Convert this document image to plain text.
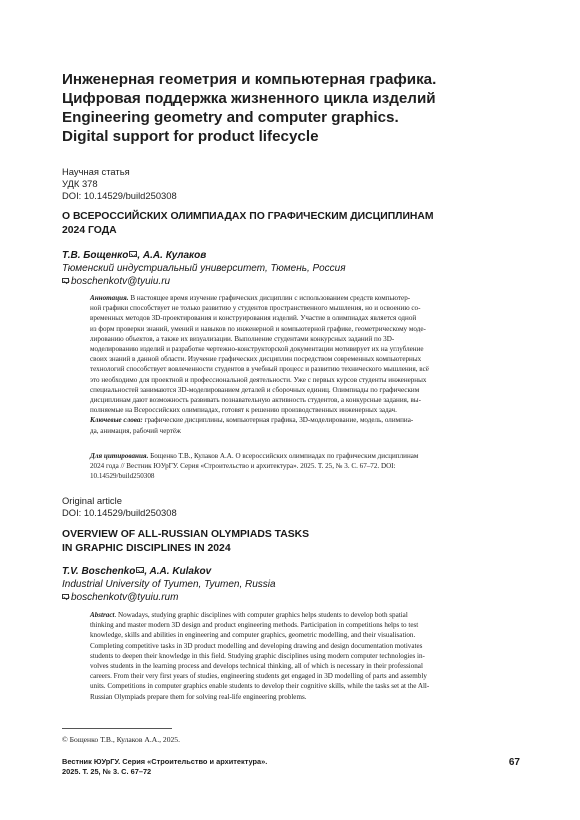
Инженерная геометрия и компьютерная графика.
Цифровая поддержка жизненного цикла изделий
Engineering geometry and computer graphics.
Digital support for product lifecycle
Научная статья
УДК 378
DOI: 10.14529/build250308
О ВСЕРОССИЙСКИХ ОЛИМПИАДАХ ПО ГРАФИЧЕСКИМ ДИСЦИПЛИНАМ
2024 ГОДА
Т.В. Бощенко , А.А. Кулаков
Тюменский индустриальный университет, Тюмень, Россия
boschenkotv@tyuiu.ru
Аннотация. В настоящее время изучение графических дисциплин с использованием средств компьютер-
ной графики способствует не только развитию у студентов пространственного мышления, но и освоению со-
временных методов 3D-проектирования и конструирования изделий. Участие в олимпиадах является одной
из форм проверки знаний, умений и навыков по инженерной и компьютерной графике, геометрическому моде-
лированию объектов, а также их визуализации. Выполнение студентами конкурсных заданий по 3D-
моделированию изделий и разработке чертежно-конструкторской документации мотивирует их на углубление
своих знаний в данной области. Изучение графических дисциплин посредством современных компьютерных
технологий способствует вовлеченности студентов в учебный процесс и развитию технического мышления, всё
это необходимо для проектной и профессиональной деятельности. Уже с первых курсов студенты инженерных
специальностей занимаются 3D-моделированием деталей и сборочных единиц. Олимпиады по графическим
дисциплинам дают возможность развивать познавательную активность студентов, а конкурсные задания, вы-
полняемые на Всероссийских олимпиадах, готовят к решению производственных инженерных задач.
Ключевые слова: графические дисциплины, компьютерная графика, 3D-моделирование, модель, олимпиа-
да, анимация, рабочий чертёж
Для цитирования. Бощенко Т.В., Кулаков А.А. О всероссийских олимпиадах по графическим дисциплинам
2024 года // Вестник ЮУрГУ. Серия «Строительство и архитектура». 2025. Т. 25, № 3. С. 67–72. DOI:
10.14529/build250308
Original article
DOI: 10.14529/build250308
OVERVIEW OF ALL-RUSSIAN OLYMPIADS TASKS
IN GRAPHIC DISCIPLINES IN 2024
T.V. Boschenko , A.A. Kulakov
Industrial University of Tyumen, Tyumen, Russia
boschenkotv@tyuiu.rum
Abstract. Nowadays, studying graphic disciplines with computer graphics helps students to develop both spatial
thinking and master modern 3D design and product engineering methods. Participation in competitions helps to test
knowledge, skills and abilities in engineering and computer graphics, geometric modelling, and their visualisation.
Completing competitive tasks in 3D product modelling and developing drawing and design documentation motivates
students to deepen their knowledge in this field. Studying graphic disciplines using modern computer technologies in-
volves students in the learning process and develops technical thinking, all of which is necessary in their professional
careers. From their very first years of studies, engineering students get engaged in 3D modelling of parts and assembly
units. Competitions in computer graphics enable students to develop their cognitive skills, while the tasks set at the All-
Russian Olympiads prepare them for solving real-life engineering problems.
© Бощенко Т.В., Кулаков А.А., 2025.
Вестник ЮУрГУ. Серия «Строительство и архитектура».
2025. Т. 25, № 3. С. 67–72
67
